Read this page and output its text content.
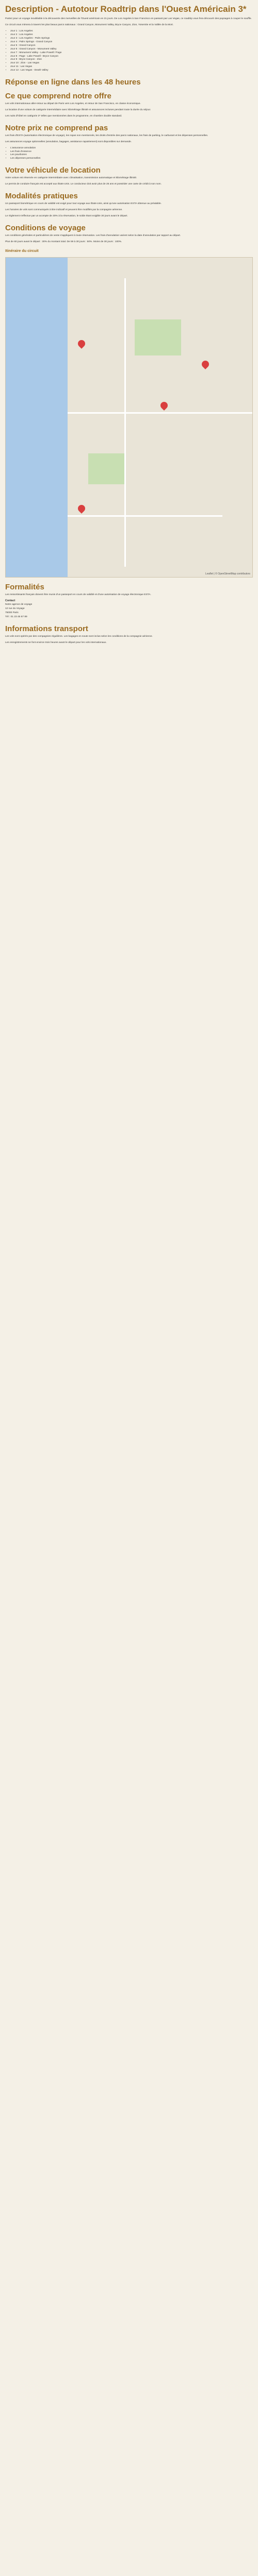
Description - Autotour Roadtrip dans l'Ouest Américain 3*

Partez pour un voyage inoubliable à la découverte des merveilles de l'Ouest américain en 21 jours. De Los Angeles à San Francisco en passant par Las Vegas, ce roadtrip vous fera découvrir des paysages à couper le souffle.

Ce circuit vous mènera à travers les plus beaux parcs nationaux : Grand Canyon, Monument Valley, Bryce Canyon, Zion, Yosemite et la Vallée de la Mort.

• Jour 1 : Los Angeles
• Jour 2 : Los Angeles
• Jour 3 : Los Angeles - Palm Springs
• Jour 4 : Palm Springs - Grand Canyon
• Jour 5 : Grand Canyon
• Jour 6 : Grand Canyon - Monument Valley
• Jour 7 : Monument Valley - Lake Powell / Page
• Jour 8 : Page - Lake Powell - Bryce Canyon
• Jour 9 : Bryce Canyon - Zion
• Jour 10 : Zion - Las Vegas
• Jour 11 : Las Vegas
• Jour 12 : Las Vegas - Death Valley
Réponse en ligne dans les 48 heures
Ce que comprend notre offre

Les vols internationaux aller-retour au départ de Paris vers Los Angeles, et retour de San Francisco, en classe économique.

La location d'une voiture de catégorie intermédiaire avec kilométrage illimité et assurances incluses pendant toute la durée du séjour.

Les nuits d'hôtel en catégorie 3* telles que mentionnées dans le programme, en chambre double standard.

Notre prix ne comprend pas

Les frais d'ESTA (autorisation électronique de voyage), les repas non mentionnés, les droits d'entrée des parcs nationaux, les frais de parking, le carburant et les dépenses personnelles.

Les assurances voyage optionnelles (annulation, bagages, assistance rapatriement) sont disponibles sur demande.

• L'assurance annulation
• Les frais d'essence
• Les pourboires
• Les dépenses personnelles
Votre véhicule de location

Votre voiture est réservée en catégorie intermédiaire avec climatisation, transmission automatique et kilométrage illimité.

Le permis de conduire français est accepté aux États-Unis. Le conducteur doit avoir plus de 25 ans et posséder une carte de crédit à son nom.

Modalités pratiques

Un passeport biométrique en cours de validité est exigé pour tout voyage aux États-Unis, ainsi qu'une autorisation ESTA obtenue au préalable.

Les horaires de vols sont communiqués à titre indicatif et peuvent être modifiés par la compagnie aérienne.

Le règlement s'effectue par un acompte de 30% à la réservation, le solde étant exigible 30 jours avant le départ.

Conditions de voyage

Les conditions générales et particulières de vente s'appliquent à toute réservation. Les frais d'annulation varient selon la date d'annulation par rapport au départ.

Plus de 60 jours avant le départ : 30% du montant total. De 59 à 30 jours : 50%. Moins de 30 jours : 100%.

Itinéraire du circuit
Leaflet | © OpenStreetMap contributors
Formalités

Les ressortissants français doivent être munis d'un passeport en cours de validité et d'une autorisation de voyage électronique ESTA.

Contact
Notre agence de voyage
12 rue du Voyage
75000 Paris
Tél : 01 23 45 67 89
Informations transport

Les vols sont opérés par des compagnies régulières. Les bagages en soute sont inclus selon les conditions de la compagnie aérienne.

Les enregistrements se font environ trois heures avant le départ pour les vols internationaux.
